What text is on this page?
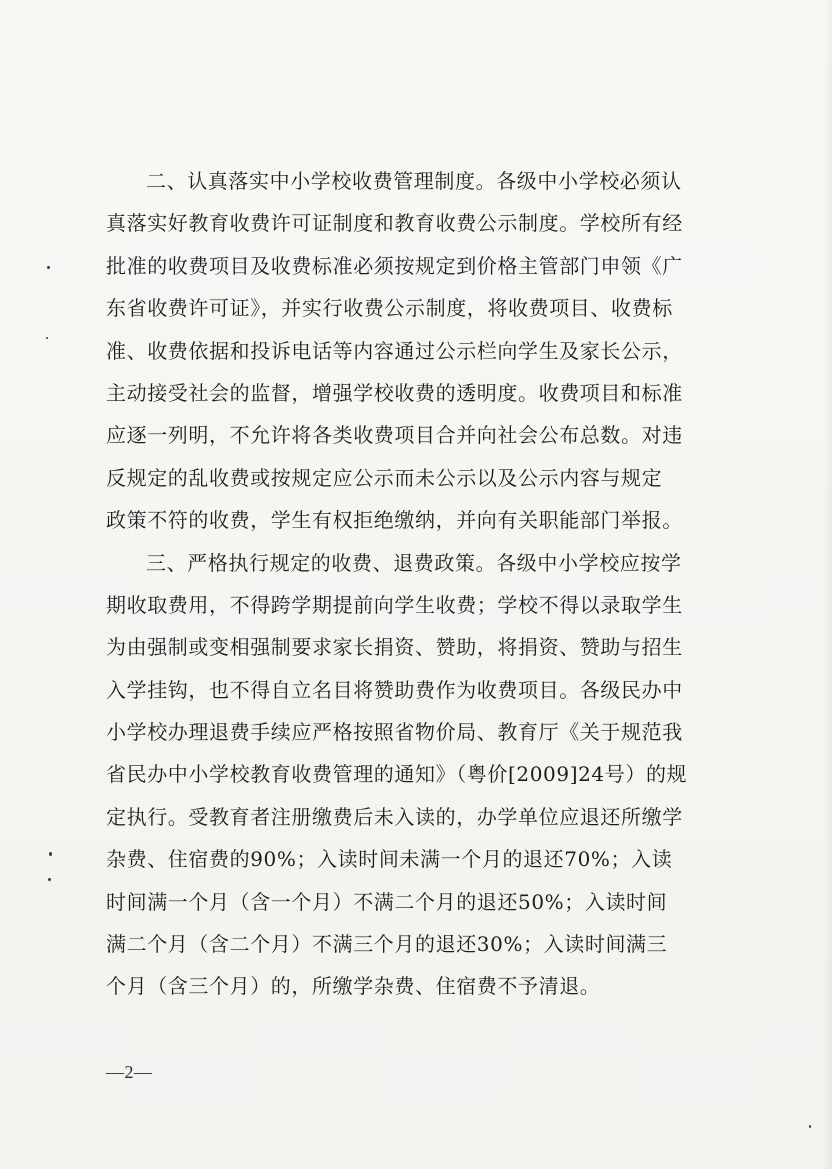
二、认真落实中小学校收费管理制度。各级中小学校必须认
真落实好教育收费许可证制度和教育收费公示制度。学校所有经
批准的收费项目及收费标准必须按规定到价格主管部门申领《广
东省收费许可证》，并实行收费公示制度，将收费项目、收费标
准、收费依据和投诉电话等内容通过公示栏向学生及家长公示，
主动接受社会的监督，增强学校收费的透明度。收费项目和标准
应逐一列明，不允许将各类收费项目合并向社会公布总数。对违
反规定的乱收费或按规定应公示而未公示以及公示内容与规定
政策不符的收费，学生有权拒绝缴纳，并向有关职能部门举报。
三、严格执行规定的收费、退费政策。各级中小学校应按学
期收取费用，不得跨学期提前向学生收费；学校不得以录取学生
为由强制或变相强制要求家长捐资、赞助，将捐资、赞助与招生
入学挂钩，也不得自立名目将赞助费作为收费项目。各级民办中
小学校办理退费手续应严格按照省物价局、教育厅《关于规范我
省民办中小学校教育收费管理的通知》（粤价[2009]24号）的规
定执行。受教育者注册缴费后未入读的，办学单位应退还所缴学
杂费、住宿费的90%；入读时间未满一个月的退还70%；入读
时间满一个月（含一个月）不满二个月的退还50%；入读时间
满二个月（含二个月）不满三个月的退还30%；入读时间满三
个月（含三个月）的，所缴学杂费、住宿费不予清退。
—2—
